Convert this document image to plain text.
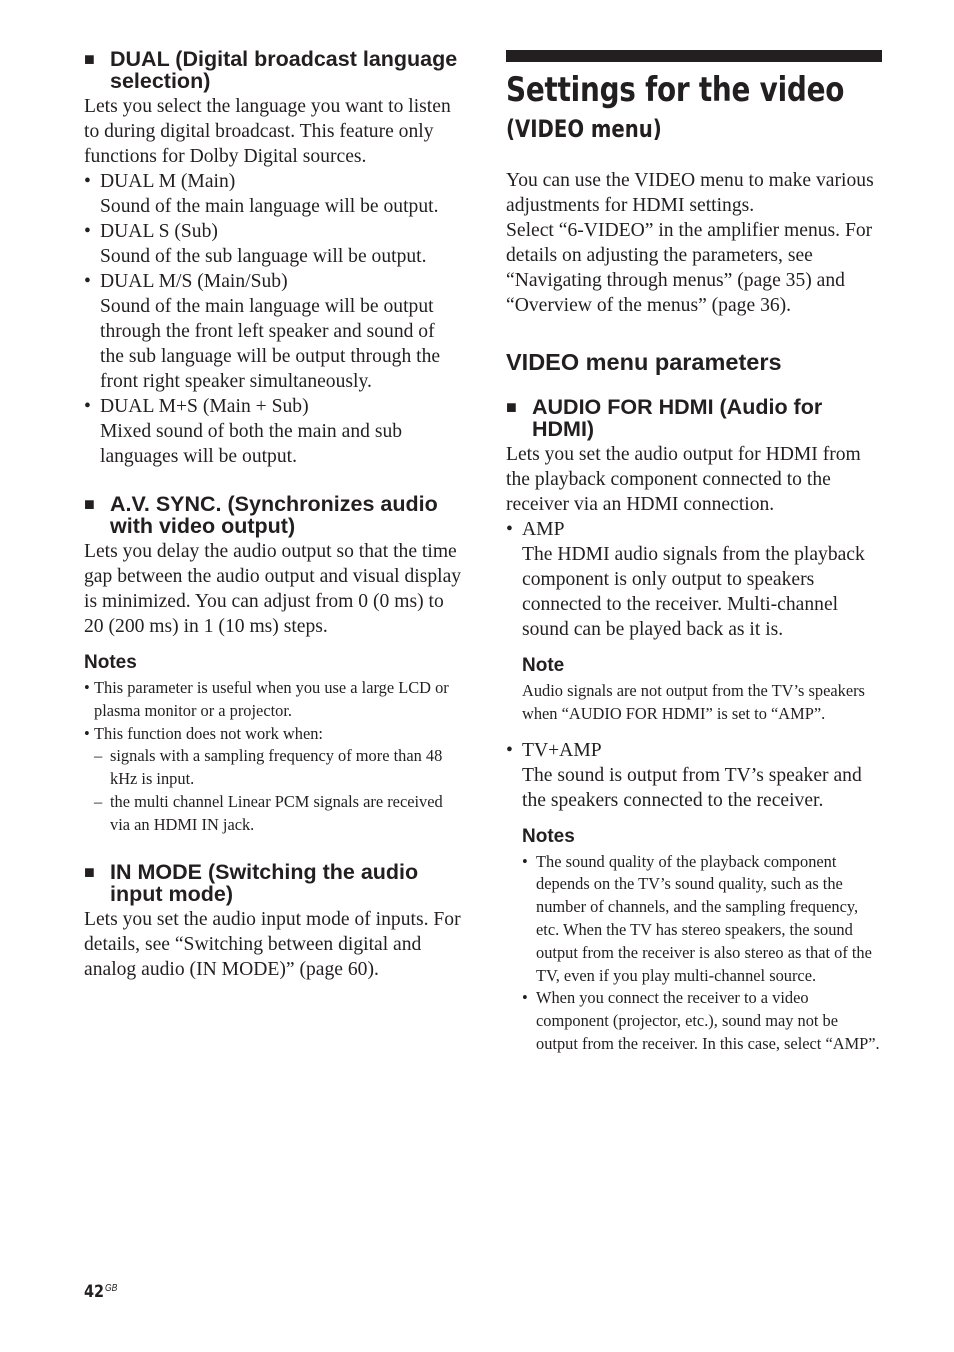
■ DUAL (Digital broadcast language selection)

Lets you select the language you want to listen to during digital broadcast. This feature only functions for Dolby Digital sources.

• DUAL M (Main)
Sound of the main language will be output.
• DUAL S (Sub)
Sound of the sub language will be output.
• DUAL M/S (Main/Sub)
Sound of the main language will be output through the front left speaker and sound of the sub language will be output through the front right speaker simultaneously.
• DUAL M+S (Main + Sub)
Mixed sound of both the main and sub languages will be output.
■ A.V. SYNC. (Synchronizes audio with video output)

Lets you delay the audio output so that the time gap between the audio output and visual display is minimized. You can adjust from 0 (0 ms) to 20 (200 ms) in 1 (10 ms) steps.

Notes
• This parameter is useful when you use a large LCD or plasma monitor or a projector.
• This function does not work when:
– signals with a sampling frequency of more than 48 kHz is input.
– the multi channel Linear PCM signals are received via an HDMI IN jack.
■ IN MODE (Switching the audio input mode)

Lets you set the audio input mode of inputs. For details, see “Switching between digital and analog audio (IN MODE)” (page 60).

Settings for the video
(VIDEO menu)

You can use the VIDEO menu to make various adjustments for HDMI settings.

Select “6-VIDEO” in the amplifier menus. For details on adjusting the parameters, see “Navigating through menus” (page 35) and “Overview of the menus” (page 36).

VIDEO menu parameters
■ AUDIO FOR HDMI (Audio for HDMI)

Lets you set the audio output for HDMI from the playback component connected to the receiver via an HDMI connection.

• AMP
The HDMI audio signals from the playback component is only output to speakers connected to the receiver. Multi-channel sound can be played back as it is.
Note

Audio signals are not output from the TV’s speakers when “AUDIO FOR HDMI” is set to “AMP”.

• TV+AMP
The sound is output from TV’s speaker and the speakers connected to the receiver.
Notes
• The sound quality of the playback component depends on the TV’s sound quality, such as the number of channels, and the sampling frequency, etc. When the TV has stereo speakers, the sound output from the receiver is also stereo as that of the TV, even if you play multi-channel source.
• When you connect the receiver to a video component (projector, etc.), sound may not be output from the receiver. In this case, select “AMP”.
$42^{GB}$
